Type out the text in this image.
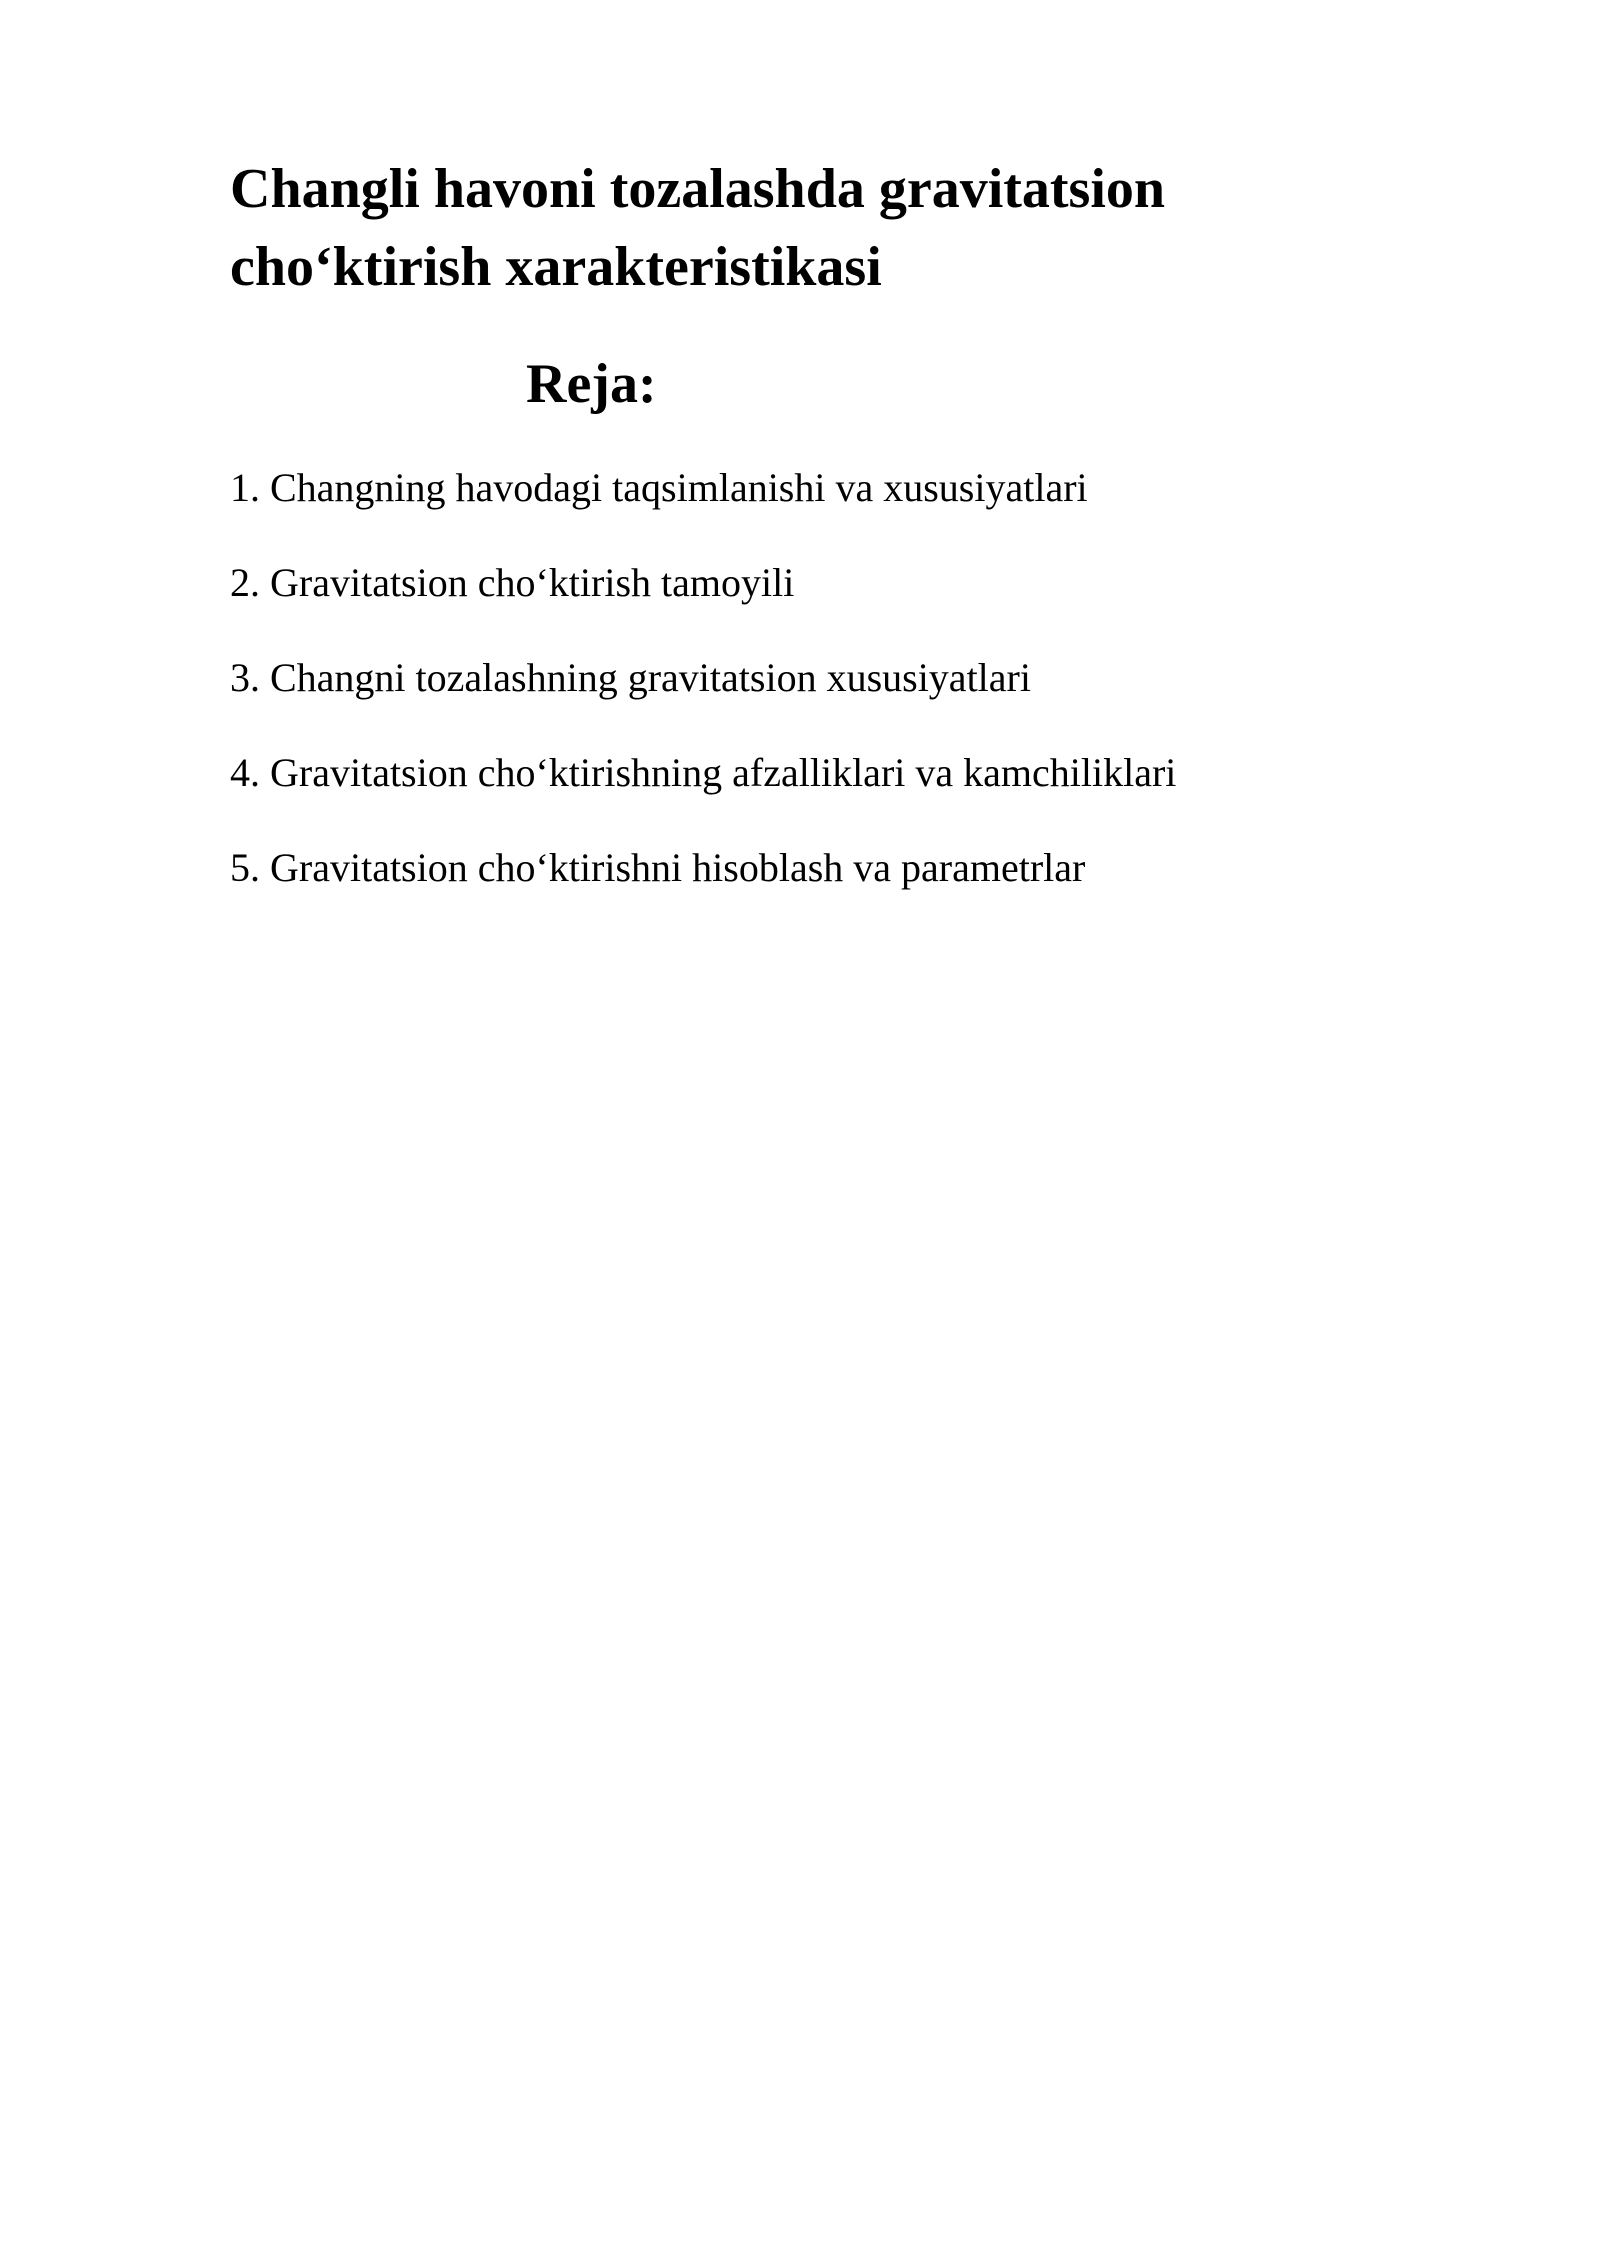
Changli havoni tozalashda gravitatsion
cho‘ktirish xarakteristikasi
Reja:
1. Changning havodagi taqsimlanishi va xususiyatlari
2. Gravitatsion cho‘ktirish tamoyili
3. Changni tozalashning gravitatsion xususiyatlari
4. Gravitatsion cho‘ktirishning afzalliklari va kamchiliklari
5. Gravitatsion cho‘ktirishni hisoblash va parametrlar
